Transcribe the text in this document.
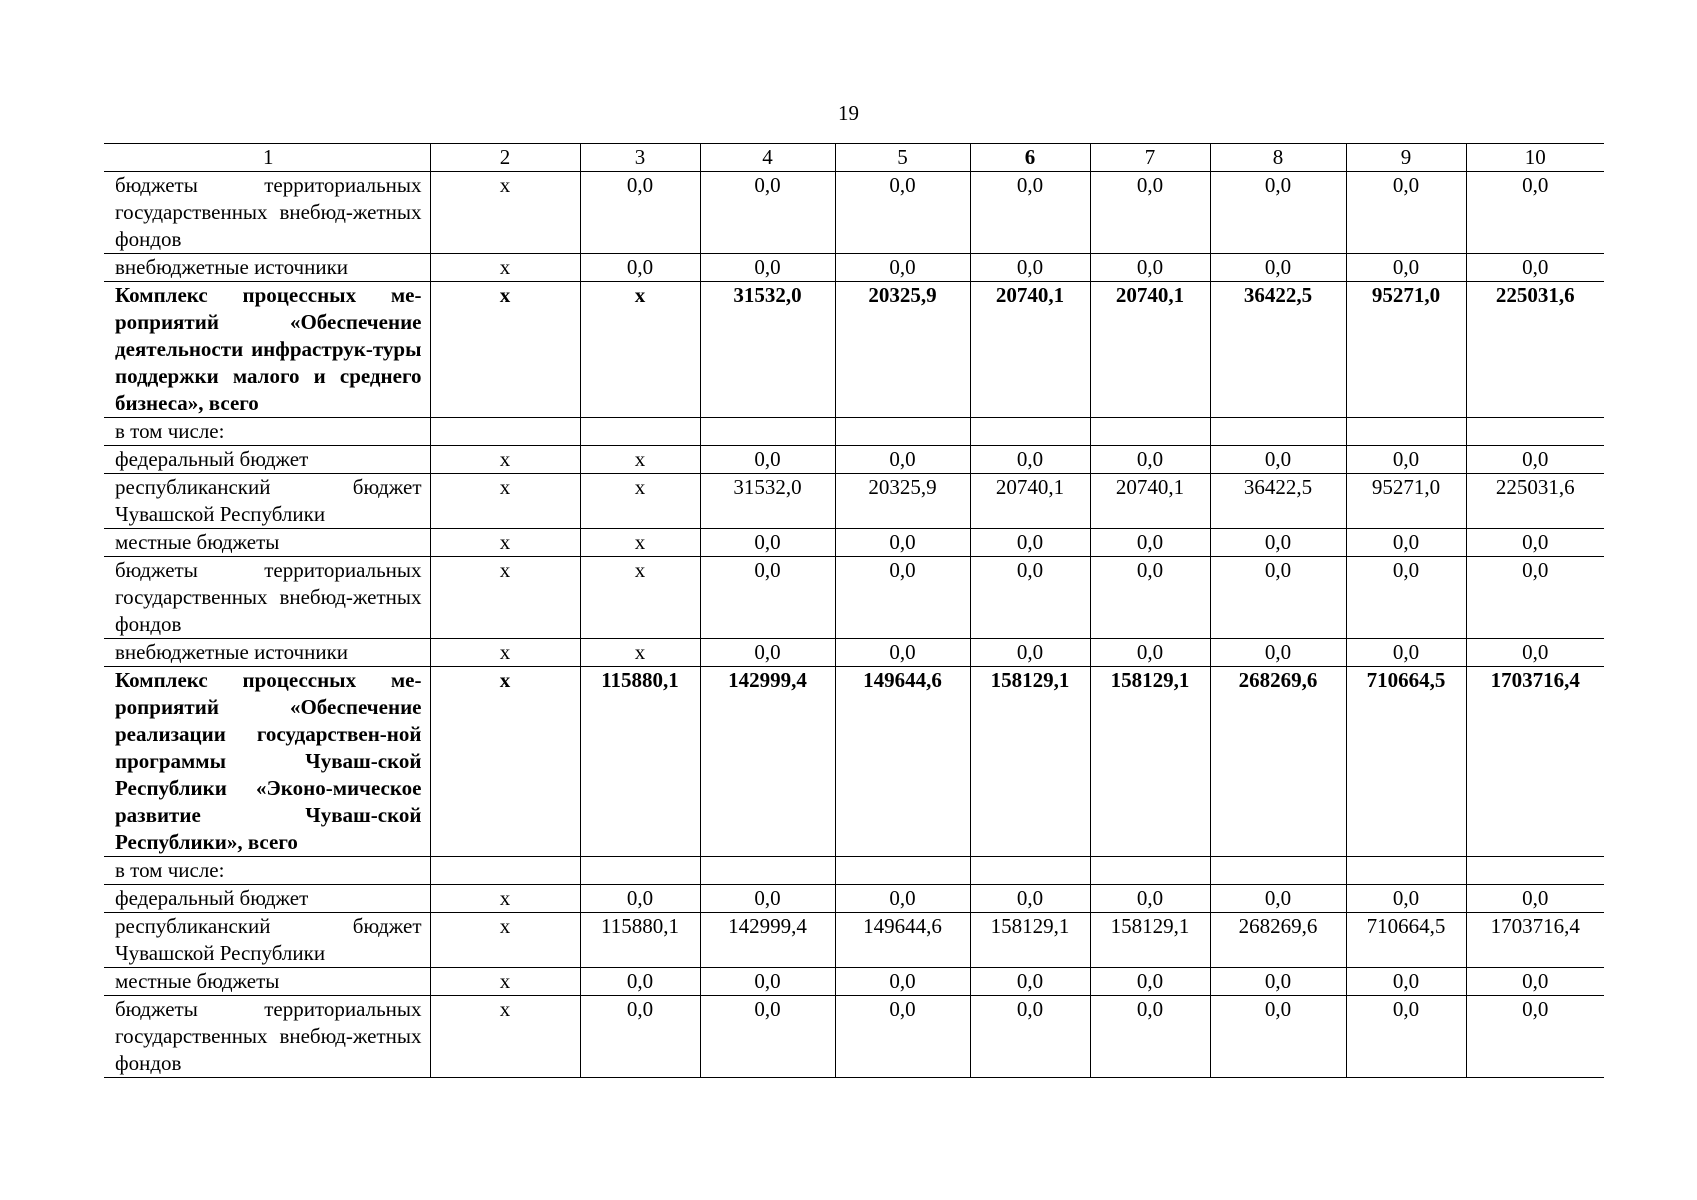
19
1	2	3	4	5	6	7	8	9	10
бюджеты территориальных государственных внебюд-жетных фондов	х	0,0	0,0	0,0	0,0	0,0	0,0	0,0	0,0
внебюджетные источники	х	0,0	0,0	0,0	0,0	0,0	0,0	0,0	0,0
Комплекс процессных ме-роприятий «Обеспечение деятельности инфраструк-туры поддержки малого и среднего бизнеса», всего	х	х	31532,0	20325,9	20740,1	20740,1	36422,5	95271,0	225031,6
в том числе:									
федеральный бюджет	х	х	0,0	0,0	0,0	0,0	0,0	0,0	0,0
республиканский бюджет Чувашской Республики	х	х	31532,0	20325,9	20740,1	20740,1	36422,5	95271,0	225031,6
местные бюджеты	х	х	0,0	0,0	0,0	0,0	0,0	0,0	0,0
бюджеты территориальных государственных внебюд-жетных фондов	х	х	0,0	0,0	0,0	0,0	0,0	0,0	0,0
внебюджетные источники	х	х	0,0	0,0	0,0	0,0	0,0	0,0	0,0
Комплекс процессных ме-роприятий «Обеспечение реализации государствен-ной программы Чуваш-ской Республики «Эконо-мическое развитие Чуваш-ской Республики», всего	х	115880,1	142999,4	149644,6	158129,1	158129,1	268269,6	710664,5	1703716,4
в том числе:									
федеральный бюджет	х	0,0	0,0	0,0	0,0	0,0	0,0	0,0	0,0
республиканский бюджет Чувашской Республики	х	115880,1	142999,4	149644,6	158129,1	158129,1	268269,6	710664,5	1703716,4
местные бюджеты	х	0,0	0,0	0,0	0,0	0,0	0,0	0,0	0,0
бюджеты территориальных государственных внебюд-жетных фондов	х	0,0	0,0	0,0	0,0	0,0	0,0	0,0	0,0
